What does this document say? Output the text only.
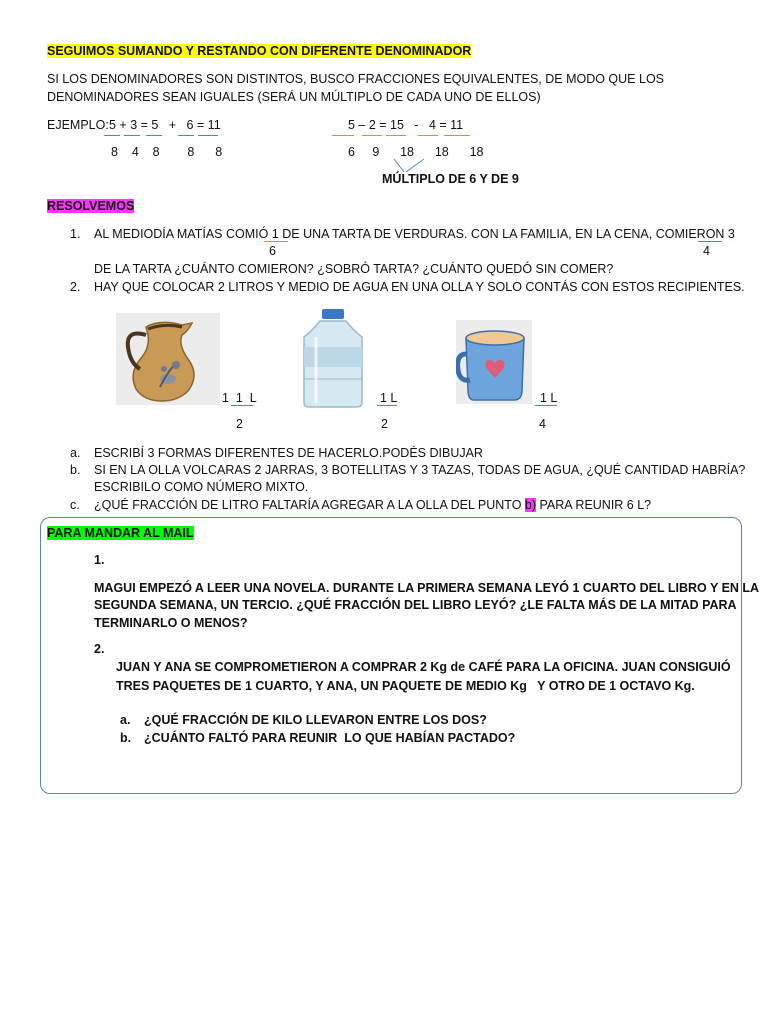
SEGUIMOS SUMANDO Y RESTANDO CON DIFERENTE DENOMINADOR
SI LOS DENOMINADORES SON DISTINTOS, BUSCO FRACCIONES EQUIVALENTES, DE MODO QUE LOS
DENOMINADORES SEAN IGUALES (SERÁ UN MÚLTIPLO DE CADA UNO DE ELLOS)
EJEMPLO: 5 + 3 = 5   +   6 = 11
8    4    8        8      8
5 – 2 = 15   -   4 = 11
6     9      18      18      18
MÚLTIPLO DE 6 Y DE 9
RESOLVEMOS
1. AL MEDIODÍA MATÍAS COMIÓ 1 DE UNA TARTA DE VERDURAS. CON LA FAMILIA, EN LA CENA, COMIERON 3
6	4
DE LA TARTA ¿CUÁNTO COMIERON? ¿SOBRÓ TARTA? ¿CUÁNTO QUEDÓ SIN COMER?
2. HAY QUE COLOCAR 2 LITROS Y MEDIO DE AGUA EN UNA OLLA Y SOLO CONTÁS CON ESTOS RECIPIENTES.
1  1  L
2
1 L
2
1 L
4
a. ESCRIBÍ 3 FORMAS DIFERENTES DE HACERLO.PODÉS DIBUJAR
b. SI EN LA OLLA VOLCARAS 2 JARRAS, 3 BOTELLITAS Y 3 TAZAS, TODAS DE AGUA, ¿QUÉ CANTIDAD HABRÍA?
ESCRIBILO COMO NÚMERO MIXTO.
c. ¿QUÉ FRACCIÓN DE LITRO FALTARÍA AGREGAR A LA OLLA DEL PUNTO b) PARA REUNIR 6 L?
PARA MANDAR AL MAIL
1.
MAGUI EMPEZÓ A LEER UNA NOVELA. DURANTE LA PRIMERA SEMANA LEYÓ 1 CUARTO DEL LIBRO Y EN LA
SEGUNDA SEMANA, UN TERCIO. ¿QUÉ FRACCIÓN DEL LIBRO LEYÓ? ¿LE FALTA MÁS DE LA MITAD PARA
TERMINARLO O MENOS?
2.
JUAN Y ANA SE COMPROMETIERON A COMPRAR 2 Kg de CAFÉ PARA LA OFICINA. JUAN CONSIGUIÓ
TRES PAQUETES DE 1 CUARTO, Y ANA, UN PAQUETE DE MEDIO Kg   Y OTRO DE 1 OCTAVO Kg.
a. ¿QUÉ FRACCIÓN DE KILO LLEVARON ENTRE LOS DOS?
b. ¿CUÁNTO FALTÓ PARA REUNIR  LO QUE HABÍAN PACTADO?
